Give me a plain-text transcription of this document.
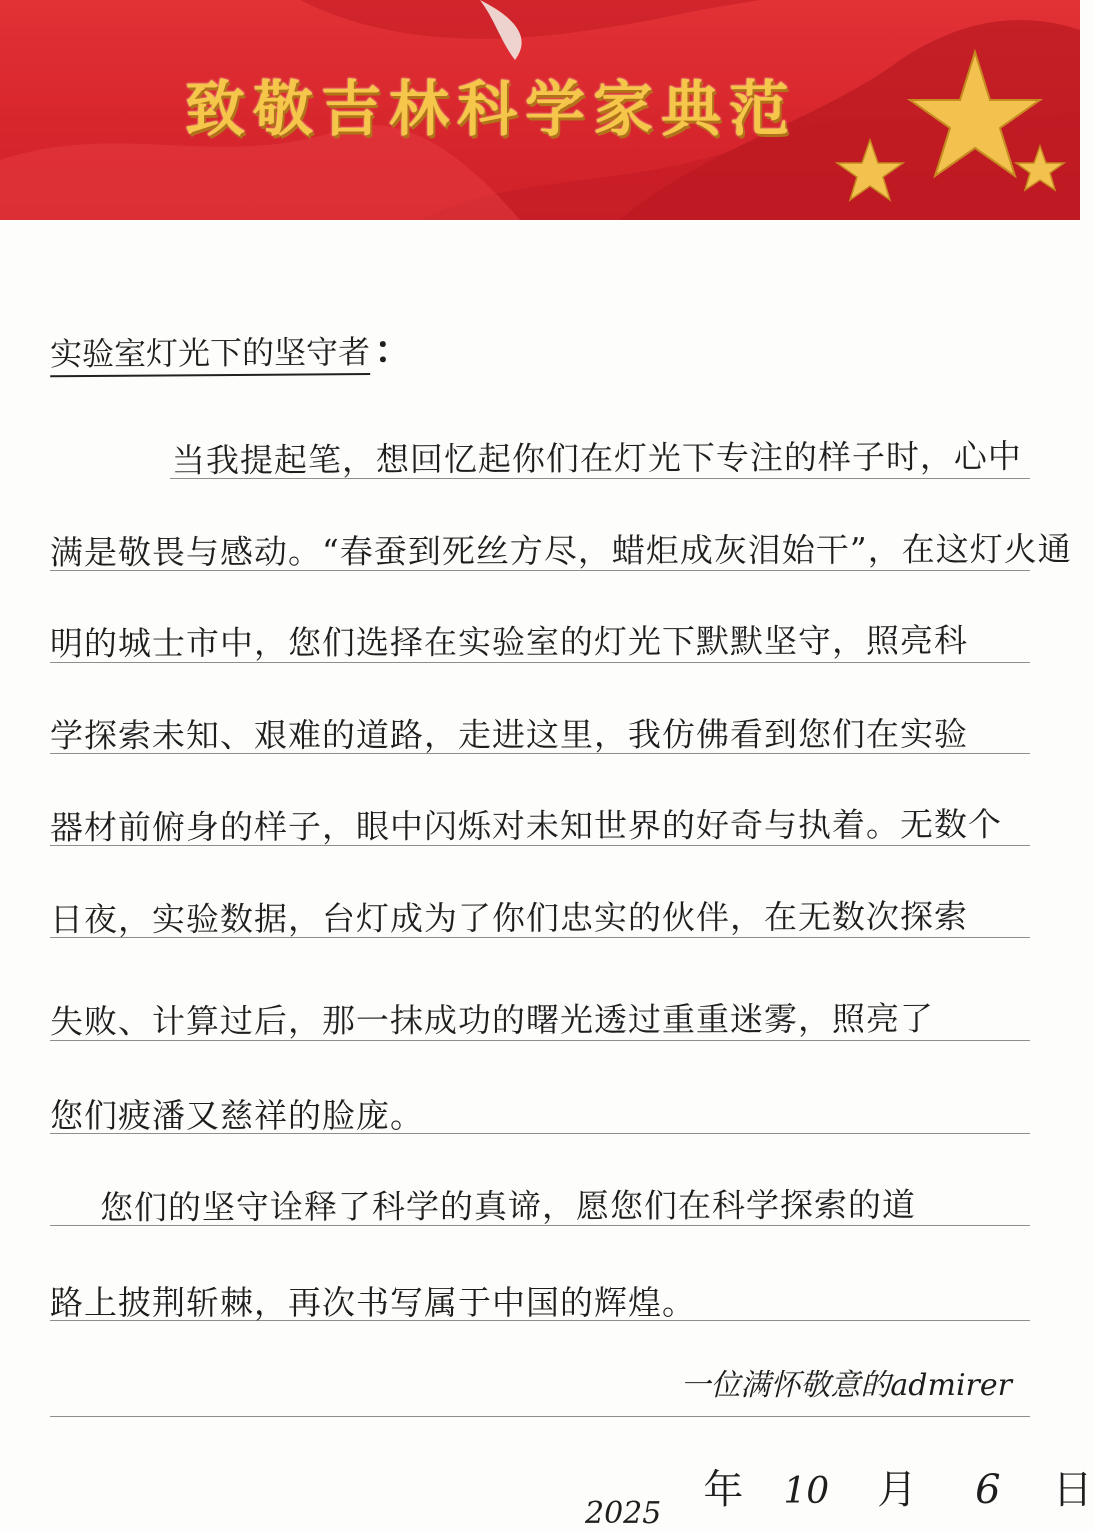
致敬吉林科学家典范
实验室灯光下的坚守者：
当我提起笔，想回忆起你们在灯光下专注的样子时，心中
满是敬畏与感动。“春蚕到死丝方尽，蜡炬成灰泪始干”，在这灯火通
明的城士市中，您们选择在实验室的灯光下默默坚守，照亮科
学探索未知、艰难的道路，走进这里，我仿佛看到您们在实验
器材前俯身的样子，眼中闪烁对未知世界的好奇与执着。无数个
日夜，实验数据，台灯成为了你们忠实的伙伴，在无数次探索
失败、计算过后，那一抹成功的曙光透过重重迷雾，照亮了
您们疲潘又慈祥的脸庞。
您们的坚守诠释了科学的真谛，愿您们在科学探索的道
路上披荆斩棘，再次书写属于中国的辉煌。
一位满怀敬意的admirer
2025年 10 月 6 日
